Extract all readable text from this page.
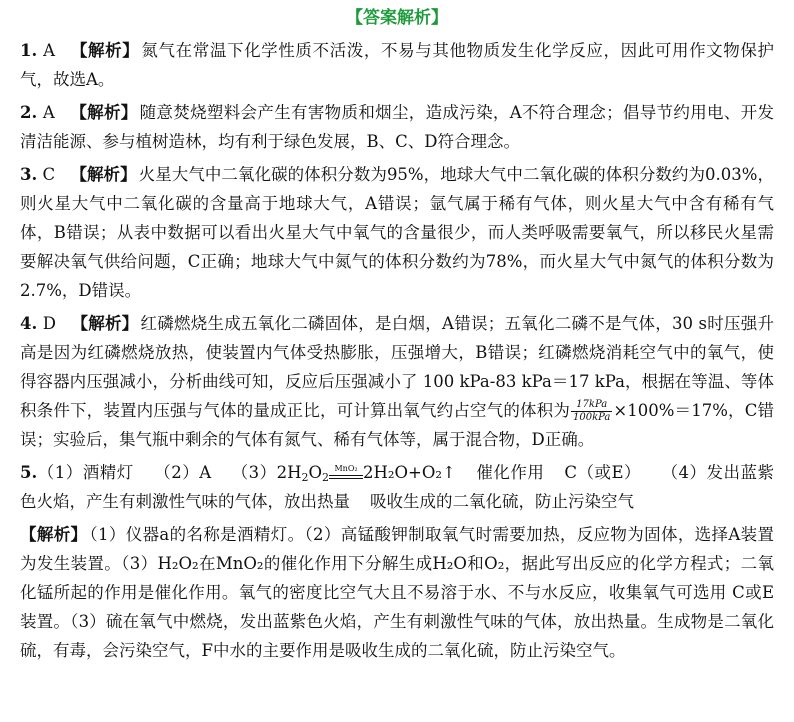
【答案解析】

1. A 【解析】 氮气在常温下化学性质不活泼，不易与其他物质发生化学反应，因此可用作文物保护气，故选A。

2. A 【解析】 随意焚烧塑料会产生有害物质和烟尘，造成污染，A不符合理念；倡导节约用电、开发清洁能源、参与植树造林，均有利于绿色发展，B、C、D符合理念。

3. C 【解析】 火星大气中二氧化碳的体积分数为95%，地球大气中二氧化碳的体积分数约为0.03%，则火星大气中二氧化碳的含量高于地球大气，A错误；氩气属于稀有气体，则火星大气中含有稀有气体，B错误；从表中数据可以看出火星大气中氧气的含量很少，而人类呼吸需要氧气，所以移民火星需要解决氧气供给问题，C正确；地球大气中氮气的体积分数约为78%，而火星大气中氮气的体积分数为2.7%，D错误。

4. D 【解析】 红磷燃烧生成五氧化二磷固体，是白烟，A错误；五氧化二磷不是气体，30 s时压强升高是因为红磷燃烧放热，使装置内气体受热膨胀，压强增大，B错误；红磷燃烧消耗空气中的氧气，使得容器内压强减小，分析曲线可知，反应后压强减小了 100 kPa-83 kPa＝17 kPa，根据在等温、等体积条件下，装置内压强与气体的量成正比，可计算出氧气约占空气的体积为 $\frac{\text{17kPa}}{\text{100kPa}} \times 100\%=17\%$，C错误；实验后，集气瓶中剩余的气体有氮气、稀有气体等，属于混合物，D正确。

5.（1）酒精灯 （2）A $(3)2H_2O_2$
MnO₂ 2H₂O+O₂↑ 催化作用 C（或E） （4）发出蓝紫色火焰，产生有刺激性气味的气体，放出热量 吸收生成的二氧化硫，防止污染空气

【解析】 （1）仪器a的名称是酒精灯。（2）高锰酸钾制取氧气时需要加热，反应物为固体，选择A装置为发生装置。（3）H₂O₂在MnO₂的催化作用下分解生成H₂O和O₂，据此写出反应的化学方程式；二氧化锰所起的作用是催化作用。氧气的密度比空气大且不易溶于水、不与水反应，收集氧气可选用 C或E装置。（3）硫在氧气中燃烧，发出蓝紫色火焰，产生有刺激性气味的气体，放出热量。生成物是二氧化硫，有毒，会污染空气，F中水的主要作用是吸收生成的二氧化硫，防止污染空气。
